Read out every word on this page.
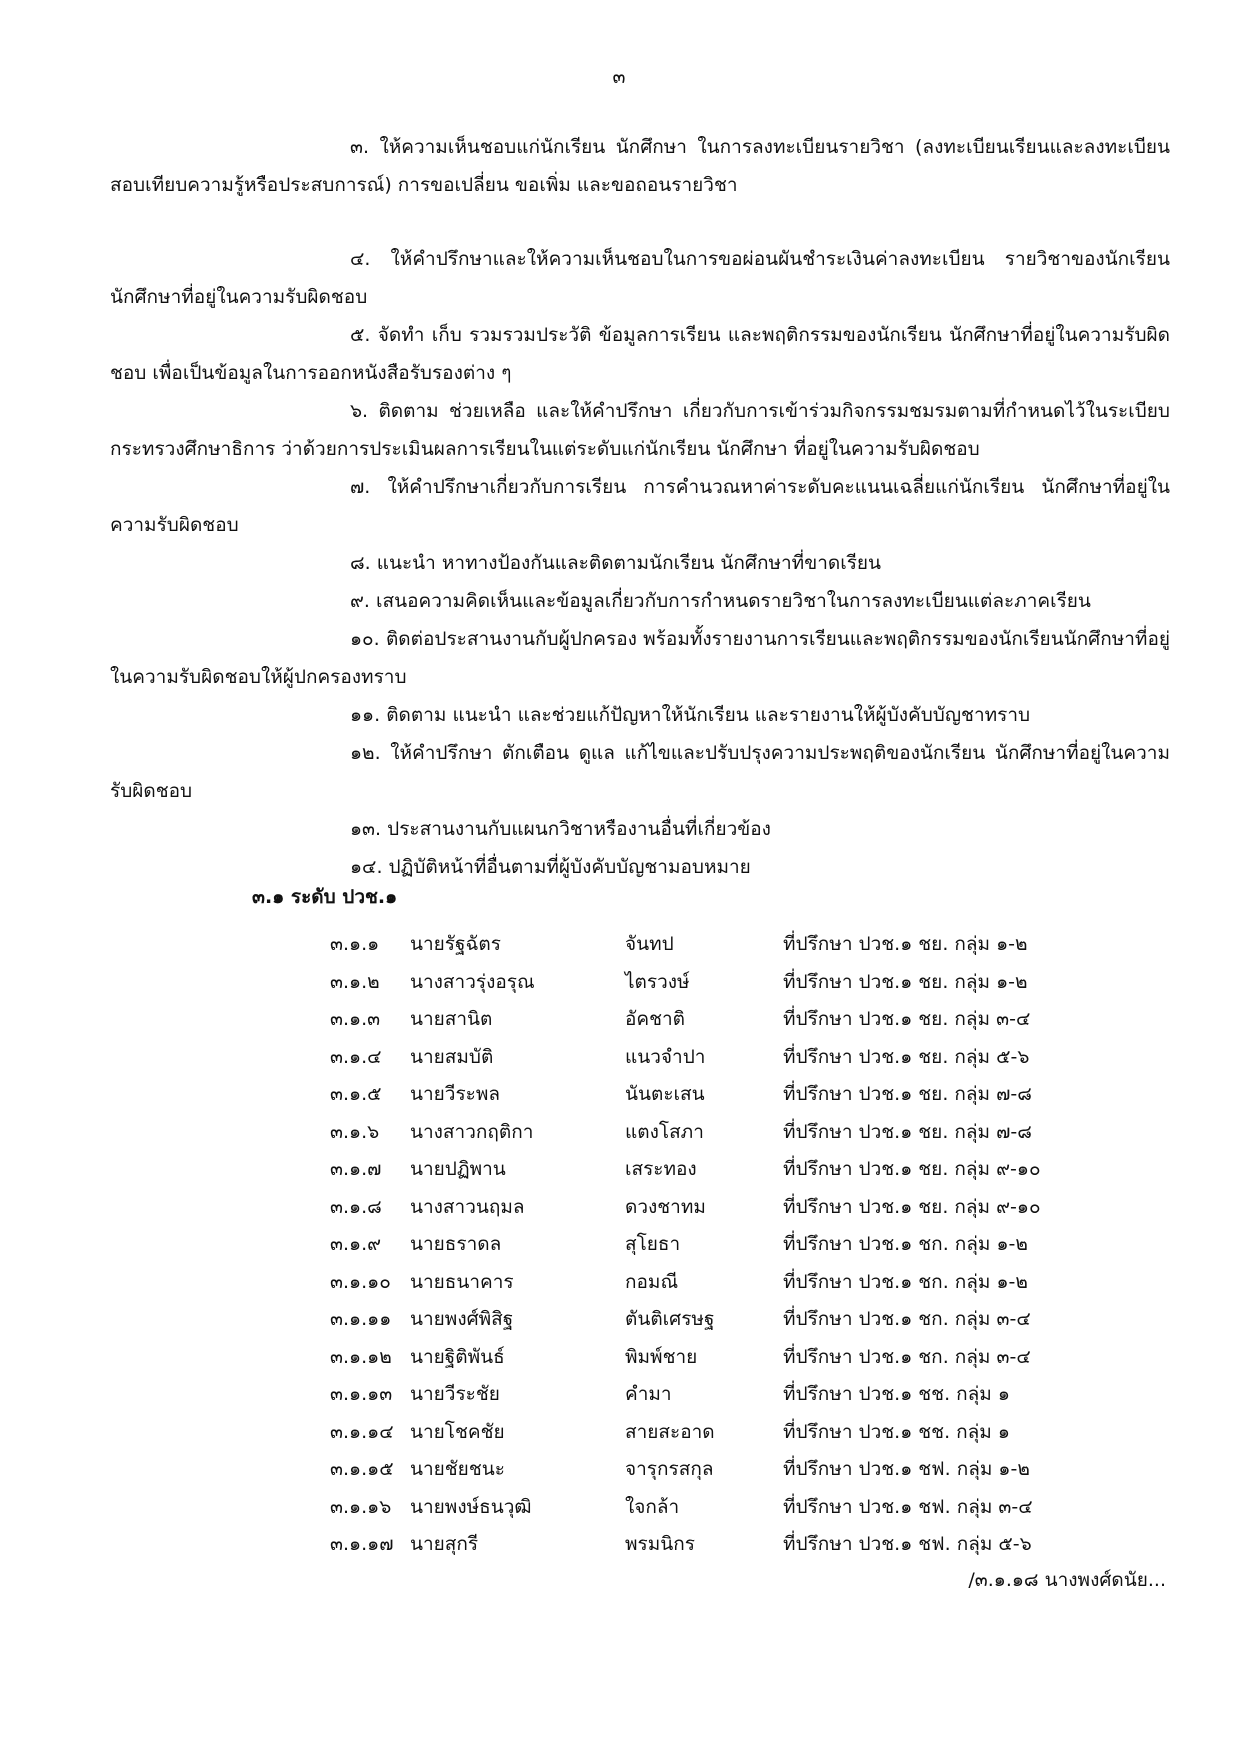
๓

๓. ให้ความเห็นชอบแก่นักเรียน นักศึกษา ในการลงทะเบียนรายวิชา (ลงทะเบียนเรียนและลงทะเบียนสอบเทียบความรู้หรือประสบการณ์) การขอเปลี่ยน ขอเพิ่ม และขอถอนรายวิชา

๔. ให้คำปรึกษาและให้ความเห็นชอบในการขอผ่อนผันชำระเงินค่าลงทะเบียน รายวิชาของนักเรียน นักศึกษาที่อยู่ในความรับผิดชอบ

๕. จัดทำ เก็บ รวมรวมประวัติ ข้อมูลการเรียน และพฤติกรรมของนักเรียน นักศึกษาที่อยู่ในความรับผิดชอบ เพื่อเป็นข้อมูลในการออกหนังสือรับรองต่าง ๆ

๖. ติดตาม ช่วยเหลือ และให้คำปรึกษา เกี่ยวกับการเข้าร่วมกิจกรรมชมรมตามที่กำหนดไว้ในระเบียบกระทรวงศึกษาธิการ ว่าด้วยการประเมินผลการเรียนในแต่ระดับแก่นักเรียน นักศึกษา ที่อยู่ในความรับผิดชอบ

๗. ให้คำปรึกษาเกี่ยวกับการเรียน การคำนวณหาค่าระดับคะแนนเฉลี่ยแก่นักเรียน นักศึกษาที่อยู่ในความรับผิดชอบ

๘. แนะนำ หาทางป้องกันและติดตามนักเรียน นักศึกษาที่ขาดเรียน

๙. เสนอความคิดเห็นและข้อมูลเกี่ยวกับการกำหนดรายวิชาในการลงทะเบียนแต่ละภาคเรียน

๑๐. ติดต่อประสานงานกับผู้ปกครอง พร้อมทั้งรายงานการเรียนและพฤติกรรมของนักเรียนนักศึกษาที่อยู่ในความรับผิดชอบให้ผู้ปกครองทราบ

๑๑. ติดตาม แนะนำ และช่วยแก้ปัญหาให้นักเรียน และรายงานให้ผู้บังคับบัญชาทราบ

๑๒. ให้คำปรึกษา ตักเตือน ดูแล แก้ไขและปรับปรุงความประพฤติของนักเรียน นักศึกษาที่อยู่ในความรับผิดชอบ

๑๓. ประสานงานกับแผนกวิชาหรืองานอื่นที่เกี่ยวข้อง

๑๔. ปฏิบัติหน้าที่อื่นตามที่ผู้บังคับบัญชามอบหมาย

๓.๑ ระดับ ปวช.๑
๓.๑.๑ นายรัฐฉัตร	จันทป	ที่ปรึกษา ปวช.๑ ชย. กลุ่ม ๑-๒
๓.๑.๒ นางสาวรุ่งอรุณ	ไตรวงษ์	ที่ปรึกษา ปวช.๑ ชย. กลุ่ม ๑-๒
๓.๑.๓ นายสานิต	อัคชาติ	ที่ปรึกษา ปวช.๑ ชย. กลุ่ม ๓-๔
๓.๑.๔ นายสมบัติ	แนวจำปา	ที่ปรึกษา ปวช.๑ ชย. กลุ่ม ๕-๖
๓.๑.๕ นายวีระพล	นันตะเสน	ที่ปรึกษา ปวช.๑ ชย. กลุ่ม ๗-๘
๓.๑.๖ นางสาวกฤติกา	แตงโสภา	ที่ปรึกษา ปวช.๑ ชย. กลุ่ม ๗-๘
๓.๑.๗ นายปฏิพาน	เสระทอง	ที่ปรึกษา ปวช.๑ ชย. กลุ่ม ๙-๑๐
๓.๑.๘ นางสาวนฤมล	ดวงชาทม	ที่ปรึกษา ปวช.๑ ชย. กลุ่ม ๙-๑๐
๓.๑.๙ นายธราดล	สุโยธา	ที่ปรึกษา ปวช.๑ ชก. กลุ่ม ๑-๒
๓.๑.๑๐ นายธนาคาร	กอมณี	ที่ปรึกษา ปวช.๑ ชก. กลุ่ม ๑-๒
๓.๑.๑๑ นายพงศ์พิสิฐ	ตันติเศรษฐ	ที่ปรึกษา ปวช.๑ ชก. กลุ่ม ๓-๔
๓.๑.๑๒ นายฐิติพันธ์	พิมพ์ชาย	ที่ปรึกษา ปวช.๑ ชก. กลุ่ม ๓-๔
๓.๑.๑๓ นายวีระชัย	คำมา	ที่ปรึกษา ปวช.๑ ชช. กลุ่ม ๑
๓.๑.๑๔ นายโชคชัย	สายสะอาด	ที่ปรึกษา ปวช.๑ ชช. กลุ่ม ๑
๓.๑.๑๕ นายชัยชนะ	จารุกรสกุล	ที่ปรึกษา ปวช.๑ ชฟ. กลุ่ม ๑-๒
๓.๑.๑๖ นายพงษ์ธนวุฒิ	ใจกล้า	ที่ปรึกษา ปวช.๑ ชฟ. กลุ่ม ๓-๔
๓.๑.๑๗ นายสุกรี	พรมนิกร	ที่ปรึกษา ปวช.๑ ชฟ. กลุ่ม ๕-๖
/๓.๑.๑๘ นางพงศ์ดนัย...
